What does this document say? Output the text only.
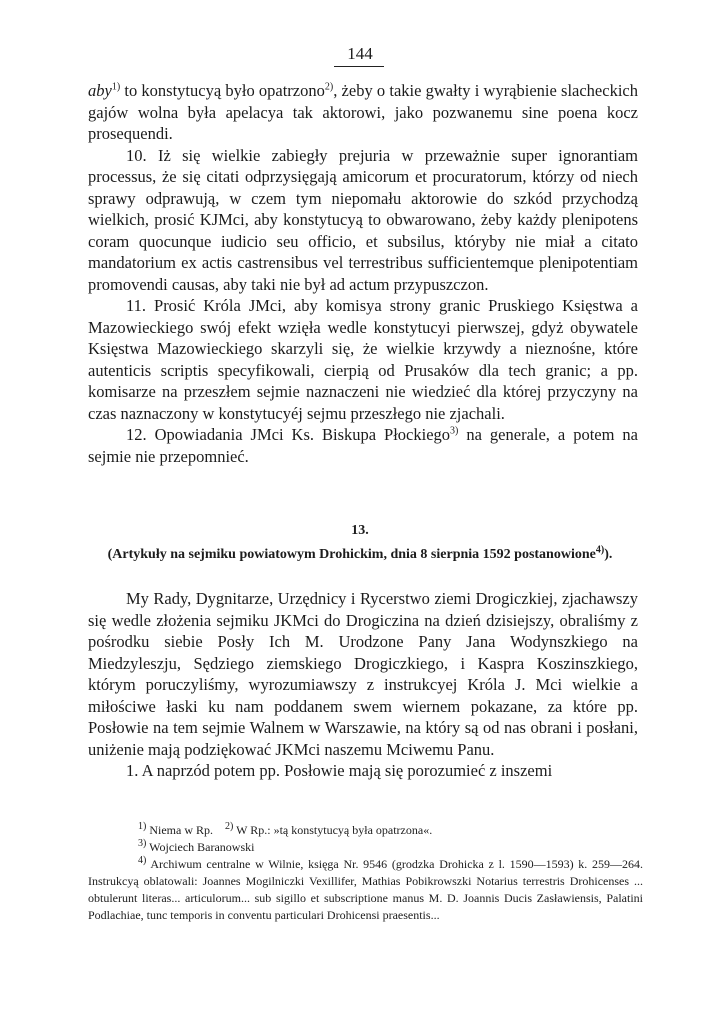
144

aby$^{1)}$ to konstytucyą było opatrzono$^{2)}$, żeby o takie gwałty i wyrąbienie slacheckich gajów wolna była apelacya tak aktorowi, jako pozwanemu sine poena kocz prosequendi.

10. Iż się wielkie zabiegły prejuria w przeważnie super ignorantiam processus, że się citati odprzysięgają amicorum et procuratorum, którzy od niech sprawy odprawują, w czem tym niepomału aktorowie do szkód przychodzą wielkich, prosić KJMci, aby konstytucyą to obwarowano, żeby każdy plenipotens coram quocunque iudicio seu officio, et subsilus, któryby nie miał a citato mandatorium ex actis castrensibus vel terrestribus sufficientemque plenipotentiam promovendi causas, aby taki nie był ad actum przypuszczon.

11. Prosić Króla JMci, aby komisya strony granic Pruskiego Księstwa a Mazowieckiego swój efekt wzięła wedle konstytucyi pierwszej, gdyż obywatele Księstwa Mazowieckiego skarzyli się, że wielkie krzywdy a nieznośne, które autenticis scriptis specyfikowali, cierpią od Prusaków dla tech granic; a pp. komisarze na przeszłem sejmie naznaczeni nie wiedzieć dla której przyczyny na czas naznaczony w konstytucyéj sejmu przeszłego nie zjachali.

12. Opowiadania JMci Ks. Biskupa Płockiego$^{3)}$ na generale, a potem na sejmie nie przepomnieć.

13.
(Artykuły na sejmiku powiatowym Drohickim, dnia 8 sierpnia 1592 postanowione$^{4)}$).

My Rady, Dygnitarze, Urzędnicy i Rycerstwo ziemi Drogiczkiej, zjachawszy się wedle złożenia sejmiku JKMci do Drogiczina na dzień dzisiejszy, obraliśmy z pośrodku siebie Posły Ich M. Urodzone Pany Jana Wodynszkiego na Miedzyleszju, Sędziego ziemskiego Drogiczkiego, i Kaspra Koszinszkiego, którym poruczyliśmy, wyrozumiawszy z instrukcyej Króla J. Mci wielkie a miłościwe łaski ku nam poddanem swem wiernem pokazane, za które pp. Posłowie na tem sejmie Walnem w Warszawie, na który są od nas obrani i posłani, uniżenie mają podziękować JKMci naszemu Mciwemu Panu.

1. A naprzód potem pp. Posłowie mają się porozumieć z inszemi

$^{1)}$ Niema w Rp. $^{2)}$ W Rp.: »tą konstytucyą była opatrzona«.

$^{3)}$ Wojciech Baranowski

$^{4)}$ Archiwum centralne w Wilnie, księga Nr. 9546 (grodzka Drohicka z l. 1590—1593) k. 259—264. Instrukcyą oblatowali: Joannes Mogilniczki Vexillifer, Mathias Pobikrowszki Notarius terrestris Drohicenses ... obtulerunt literas... articulorum... sub sigillo et subscriptione manus M. D. Joannis Ducis Zasławiensis, Palatini Podlachiae, tunc temporis in conventu particulari Drohicensi praesentis...
